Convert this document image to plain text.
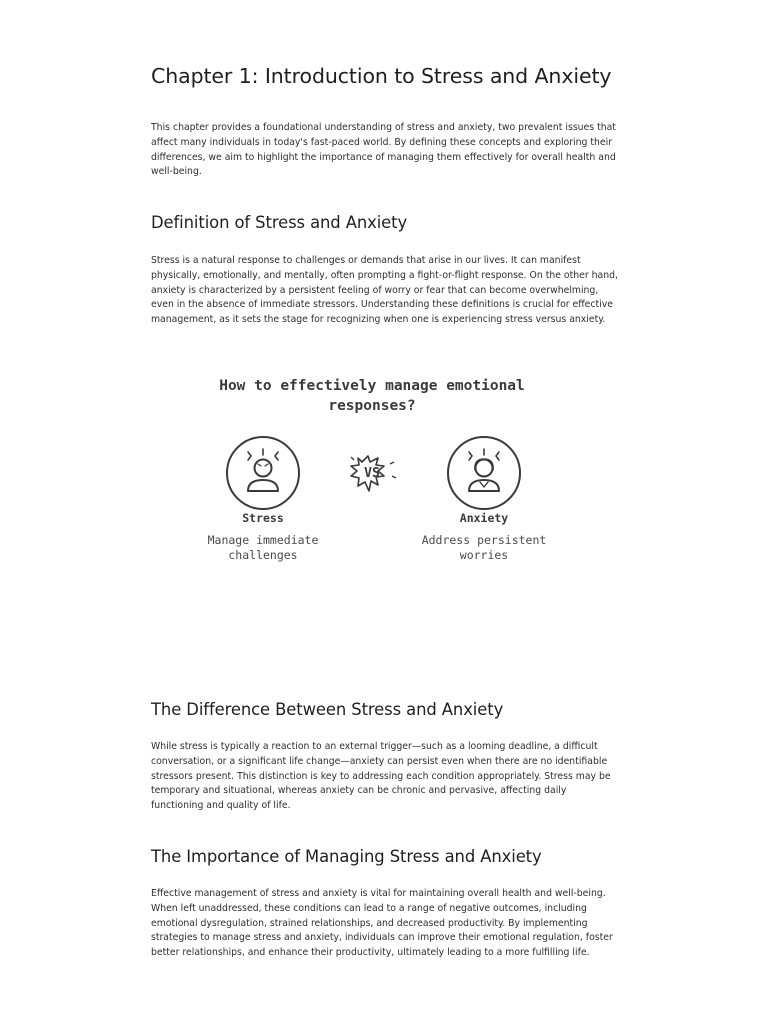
Chapter 1: Introduction to Stress and Anxiety

This chapter provides a foundational understanding of stress and anxiety, two prevalent issues that affect many individuals in today's fast-paced world. By defining these concepts and exploring their differences, we aim to highlight the importance of managing them effectively for overall health and well-being.

Definition of Stress and Anxiety

Stress is a natural response to challenges or demands that arise in our lives. It can manifest physically, emotionally, and mentally, often prompting a fight-or-flight response. On the other hand, anxiety is characterized by a persistent feeling of worry or fear that can become overwhelming, even in the absence of immediate stressors. Understanding these definitions is crucial for effective management, as it sets the stage for recognizing when one is experiencing stress versus anxiety.

The Difference Between Stress and Anxiety

While stress is typically a reaction to an external trigger—such as a looming deadline, a difficult conversation, or a significant life change—anxiety can persist even when there are no identifiable stressors present. This distinction is key to addressing each condition appropriately. Stress may be temporary and situational, whereas anxiety can be chronic and pervasive, affecting daily functioning and quality of life.

The Importance of Managing Stress and Anxiety

Effective management of stress and anxiety is vital for maintaining overall health and well-being. When left unaddressed, these conditions can lead to a range of negative outcomes, including emotional dysregulation, strained relationships, and decreased productivity. By implementing strategies to manage stress and anxiety, individuals can improve their emotional regulation, foster better relationships, and enhance their productivity, ultimately leading to a more fulfilling life.

How to effectively manage emotional responses?

VS
Stress
Manage immediate challenges
Anxiety
Address persistent worries
